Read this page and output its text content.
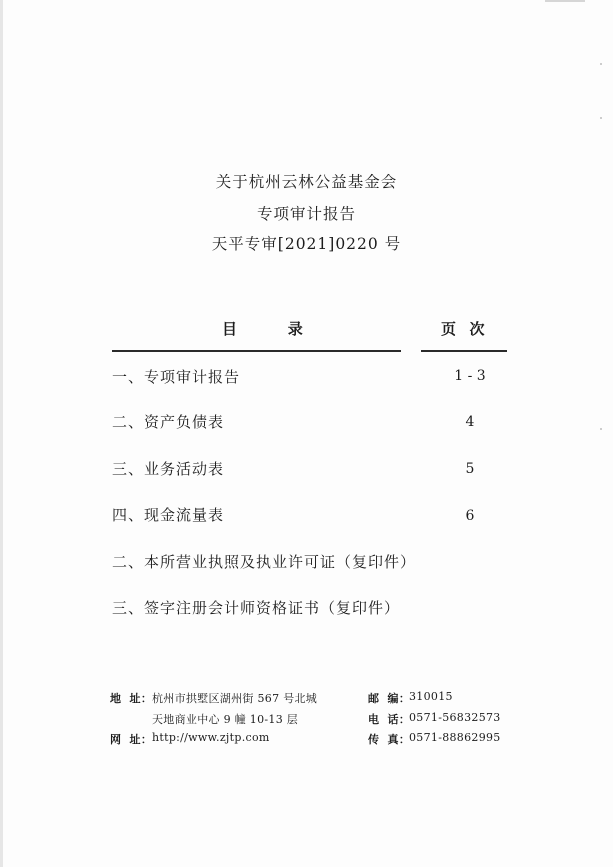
关于杭州云林公益基金会
专项审计报告
天平专审[2021]0220 号
目        录	页  次
一、专项审计报告	1 - 3
二、资产负债表	4
三、业务活动表	5
四、现金流量表	6
二、本所营业执照及执业许可证（复印件）
三、签字注册会计师资格证书（复印件）
地  址： 杭州市拱墅区湖州街 567 号北城
天地商业中心 9 幢 10-13 层
网  址： http://www.zjtp.com
邮  编：
310015
电  话：
0571-56832573
传  真：
0571-88862995
